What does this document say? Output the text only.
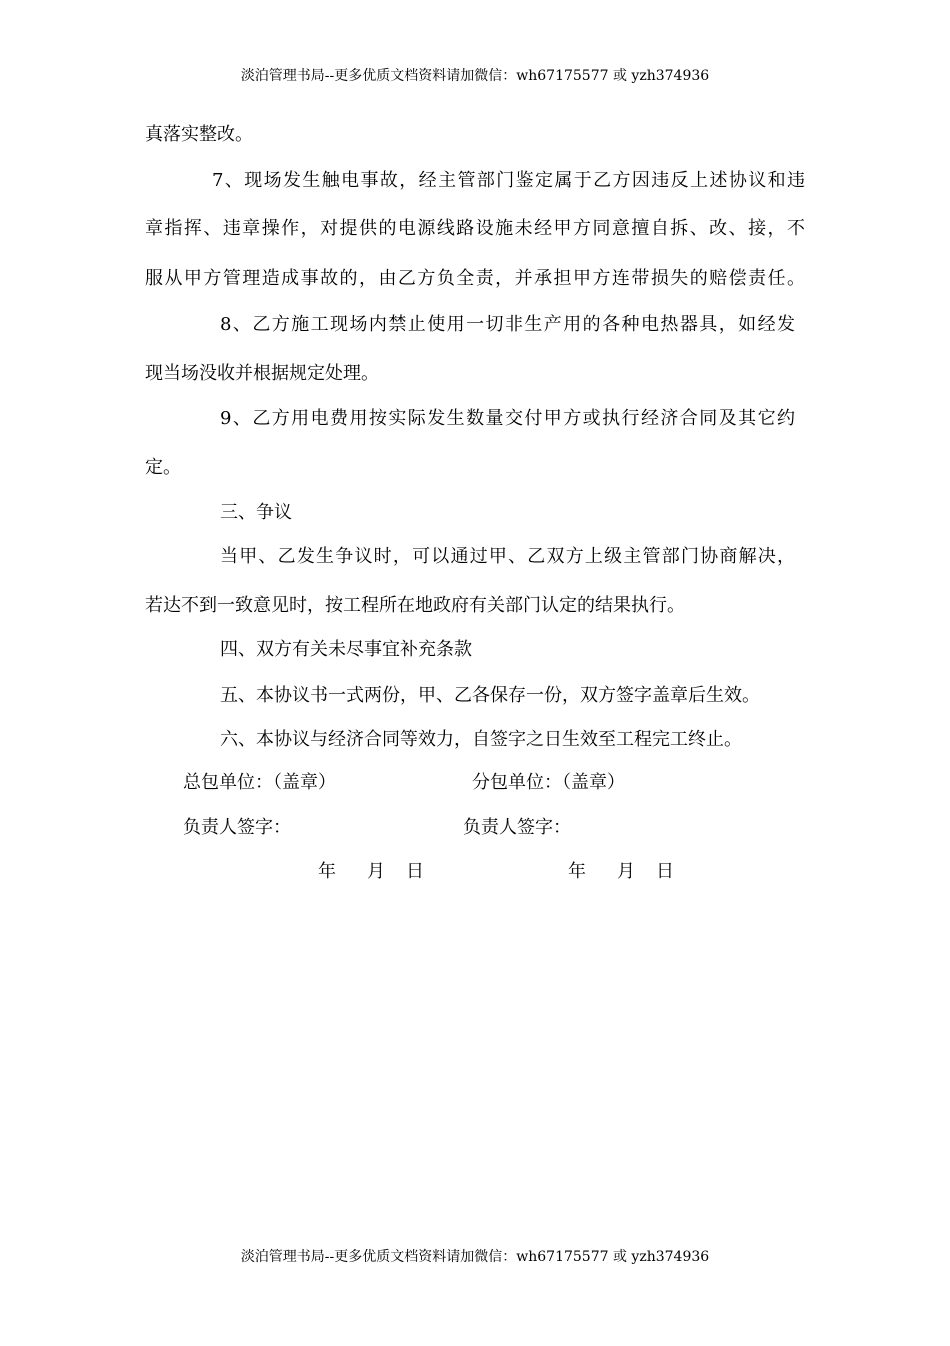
淡泊管理书局--更多优质文档资料请加微信：wh67175577 或 yzh374936
真落实整改。
7、现场发生触电事故，经主管部门鉴定属于乙方因违反上述协议和违
章指挥、违章操作，对提供的电源线路设施未经甲方同意擅自拆、改、接，不
服从甲方管理造成事故的，由乙方负全责，并承担甲方连带损失的赔偿责任。
8、乙方施工现场内禁止使用一切非生产用的各种电热器具，如经发
现当场没收并根据规定处理。
9、乙方用电费用按实际发生数量交付甲方或执行经济合同及其它约
定。
三、争议
当甲、乙发生争议时，可以通过甲、乙双方上级主管部门协商解决，
若达不到一致意见时，按工程所在地政府有关部门认定的结果执行。
四、双方有关未尽事宜补充条款
五、本协议书一式两份，甲、乙各保存一份，双方签字盖章后生效。
六、本协议与经济合同等效力，自签字之日生效至工程完工终止。
总包单位：（盖章）	分包单位：（盖章）
负责人签字：	负责人签字：
年 月 日	年 月 日
淡泊管理书局--更多优质文档资料请加微信：wh67175577 或 yzh374936
